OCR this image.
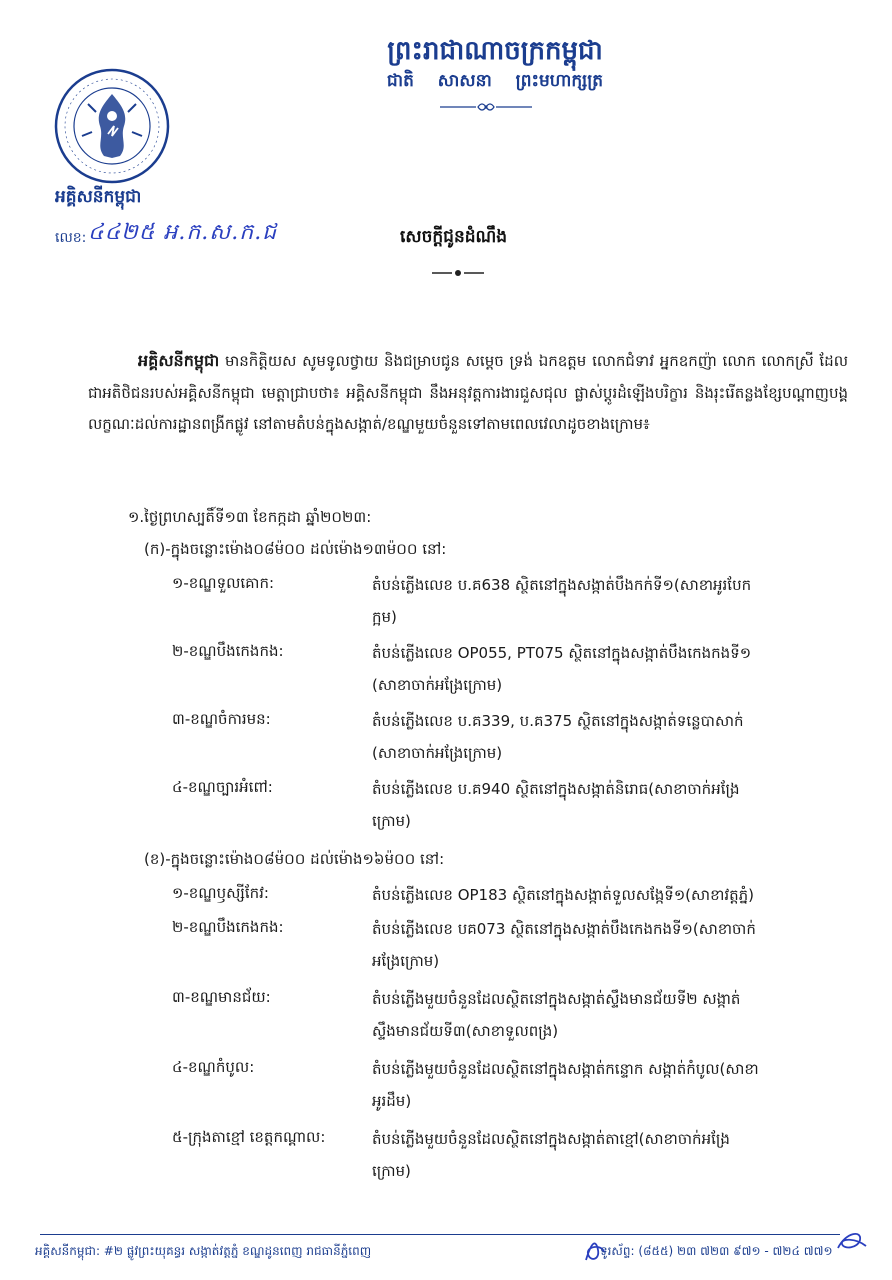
ព្រះរាជាណាចក្រកម្ពុជា
ជាតិ សាសនា ព្រះមហាក្សត្រ
អគ្គិសនីកម្ពុជា
លេខ: ៤៤២៥ អ.ក.ស.ក.ជ	សេចក្តីជូនដំណឹង
អគ្គិសនីកម្ពុជា មានកិត្តិយស សូមទូលថ្វាយ និងជម្រាបជូន សម្តេច ទ្រង់ ឯកឧត្តម លោកជំទាវ អ្នកឧកញ៉ា លោក លោកស្រី ដែលជាអតិថិជនរបស់អគ្គិសនីកម្ពុជា មេត្តាជ្រាបថា៖ អគ្គិសនីកម្ពុជា នឹងអនុវត្តការងារជួសជុល ផ្លាស់ប្តូរដំឡើងបរិក្ខារ និងរុះរើតន្លងខ្សែបណ្តាញបង្គលក្ខណៈដល់ការដ្ឋានពង្រីកផ្លូវ នៅតាមតំបន់ក្នុងសង្កាត់/ខណ្ឌមួយចំនួនទៅតាមពេលវេលាដូចខាងក្រោម៖
១.ថ្ងៃព្រហស្បតិ៍ទី១៣ ខែកក្កដា ឆ្នាំ២០២៣:
(ក)-ក្នុងចន្លោះម៉ោង០៨ម៉០០ ដល់ម៉ោង១៣ម៉០០ នៅ:
១-ខណ្ឌទួលគោក:	តំបន់ភ្លើងលេខ ប.គ638 ស្ថិតនៅក្នុងសង្កាត់បឹងកក់ទី១(សាខាអូរបែក
ក្អម)
២-ខណ្ឌបឹងកេងកង:	តំបន់ភ្លើងលេខ OP055, PT075 ស្ថិតនៅក្នុងសង្កាត់បឹងកេងកងទី១
(សាខាចាក់អង្រែក្រោម)
៣-ខណ្ឌចំការមន:	តំបន់ភ្លើងលេខ ប.គ339, ប.គ375 ស្ថិតនៅក្នុងសង្កាត់ទន្លេបាសាក់
(សាខាចាក់អង្រែក្រោម)
៤-ខណ្ឌច្បារអំពៅ:	តំបន់ភ្លើងលេខ ប.គ940 ស្ថិតនៅក្នុងសង្កាត់និរោធ(សាខាចាក់អង្រែ
ក្រោម)
(ខ)-ក្នុងចន្លោះម៉ោង០៨ម៉០០ ដល់ម៉ោង១៦ម៉០០ នៅ:
១-ខណ្ឌឫស្សីកែវ:	តំបន់ភ្លើងលេខ OP183 ស្ថិតនៅក្នុងសង្កាត់ទួលសង្កែទី១(សាខាវត្តភ្នំ)
២-ខណ្ឌបឹងកេងកង:	តំបន់ភ្លើងលេខ បគ073 ស្ថិតនៅក្នុងសង្កាត់បឹងកេងកងទី១(សាខាចាក់
អង្រែក្រោម)
៣-ខណ្ឌមានជ័យ:	តំបន់ភ្លើងមួយចំនួនដែលស្ថិតនៅក្នុងសង្កាត់ស្ទឹងមានជ័យទី២ សង្កាត់
ស្ទឹងមានជ័យទី៣(សាខាទួលពង្រ)
៤-ខណ្ឌកំបូល:	តំបន់ភ្លើងមួយចំនួនដែលស្ថិតនៅក្នុងសង្កាត់កន្ទោក សង្កាត់កំបូល(សាខា
អូរដឹម)
៥-ក្រុងតាខ្មៅ ខេត្តកណ្តាល:	តំបន់ភ្លើងមួយចំនួនដែលស្ថិតនៅក្នុងសង្កាត់តាខ្មៅ(សាខាចាក់អង្រែ
ក្រោម)
អគ្គិសនីកម្ពុជា: #២ ផ្លូវព្រះយុគន្ធរ សង្កាត់វត្តភ្នំ ខណ្ឌដូនពេញ រាជធានីភ្នំពេញ	ទូរស័ព្ទ: (៨៥៥) ២៣ ៧២៣ ៩៧១ - ៧២៤ ៧៧១
